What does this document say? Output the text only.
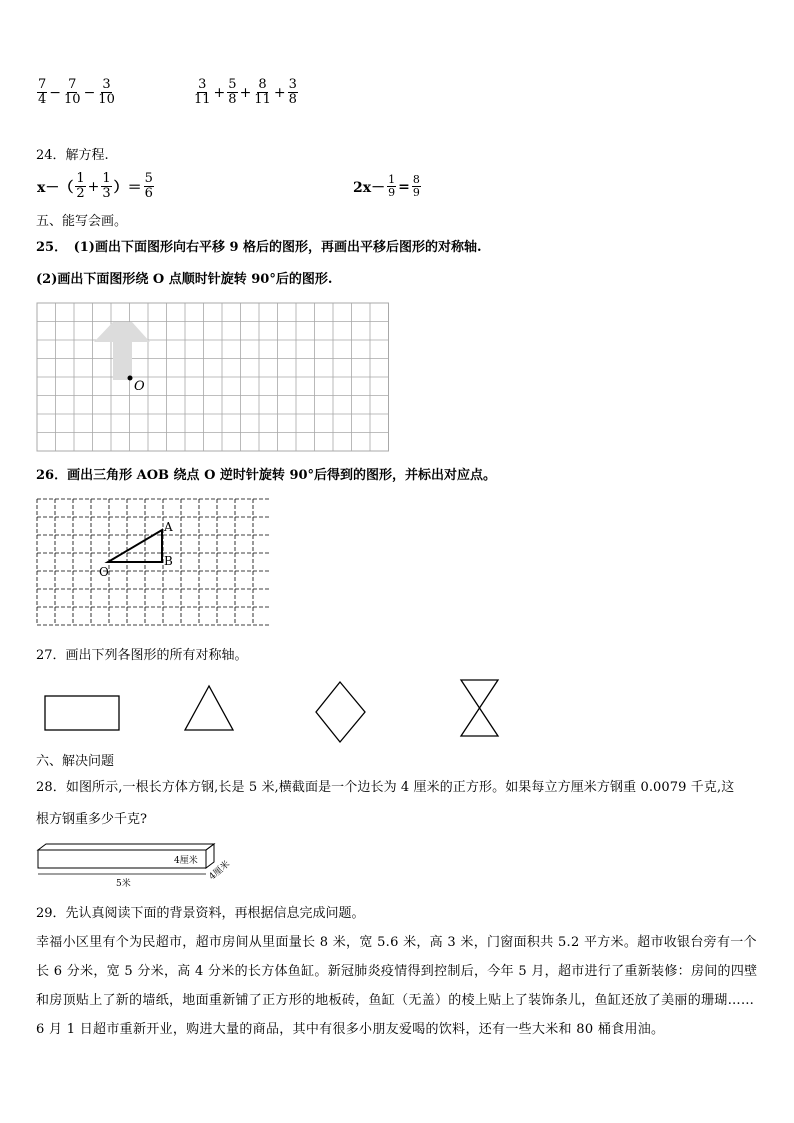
$\frac{7}{4} - \frac{7}{10} - \frac{3}{10}$	$\frac{3}{11} + \frac{5}{8} + \frac{8}{11} + \frac{3}{8}$
24．解方程.
$x-( \frac{1}{2} + \frac{1}{3}$ ）＝ $\frac{5}{6}$	$2x- \frac{1}{9} = \frac{8}{9}$
五、能写会画。
25．　(1)画出下面图形向右平移 9 格后的图形，再画出平移后图形的对称轴.
(2)画出下面图形绕 O 点顺时针旋转 90°后的图形.
O
26．画出三角形 AOB 绕点 O 逆时针旋转 90°后得到的图形，并标出对应点。
A
B
O
27．画出下列各图形的所有对称轴。
六、解决问题
28．如图所示,一根长方体方钢,长是 5 米,横截面是一个边长为 4 厘米的正方形。如果每立方厘米方钢重 0.0079 千克,这
根方钢重多少千克?
4厘米 4厘米
5米
29．先认真阅读下面的背景资料，再根据信息完成问题。
幸福小区里有个为民超市，超市房间从里面量长 8 米，宽 5.6 米，高 3 米，门窗面积共 5.2 平方米。超市收银台旁有一个长 6 分米，宽 5 分米，高 4 分米的长方体鱼缸。新冠肺炎疫情得到控制后，今年 5 月，超市进行了重新装修：房间的四壁和房顶贴上了新的墙纸，地面重新铺了正方形的地板砖，鱼缸（无盖）的棱上贴上了装饰条儿，鱼缸还放了美丽的珊瑚……6 月 1 日超市重新开业，购进大量的商品，其中有很多小朋友爱喝的饮料，还有一些大米和 80 桶食用油。
